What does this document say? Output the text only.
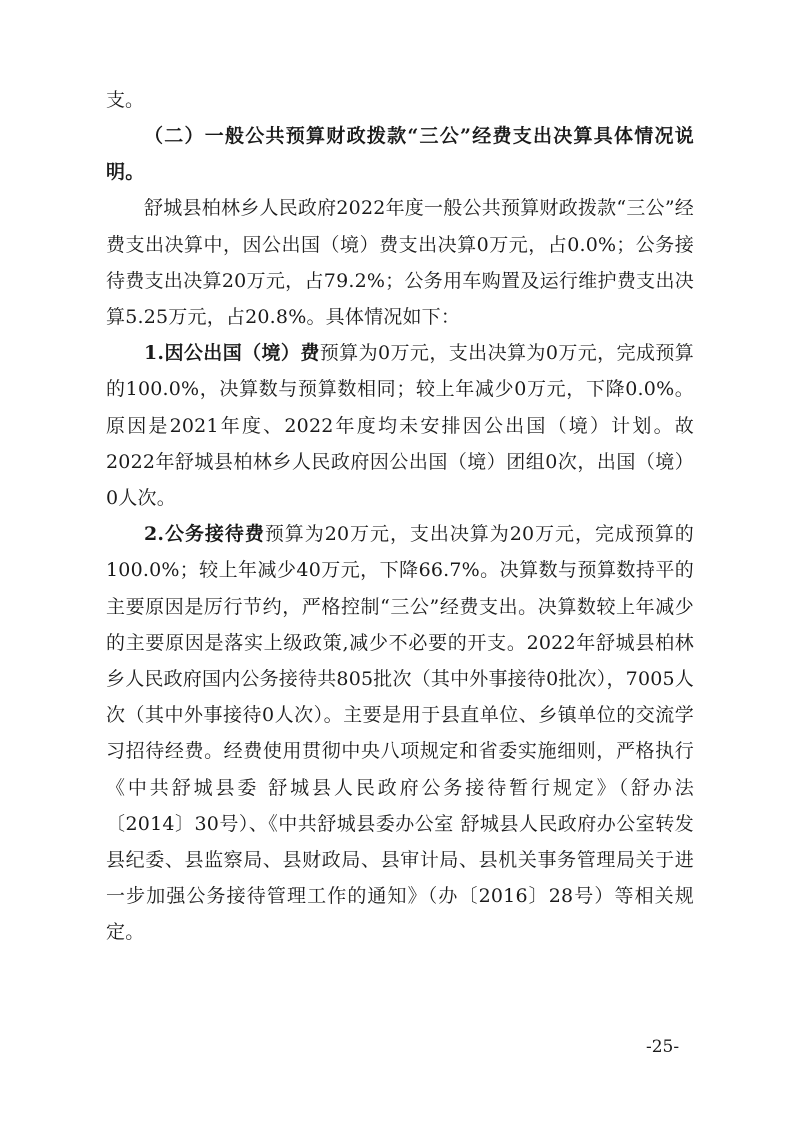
支。

（二）一般公共预算财政拨款“三公”经费支出决算具体情况说明。

舒城县柏林乡人民政府2022年度一般公共预算财政拨款“三公”经费支出决算中，因公出国（境）费支出决算0万元，占0.0%；公务接待费支出决算20万元，占79.2%；公务用车购置及运行维护费支出决算5.25万元，占20.8%。具体情况如下：

1.因公出国（境）费预算为0万元，支出决算为0万元，完成预算的100.0%，决算数与预算数相同；较上年减少0万元，下降0.0%。原因是2021年度、2022年度均未安排因公出国（境）计划。故2022年舒城县柏林乡人民政府因公出国（境）团组0次，出国（境）0人次。

2.公务接待费预算为20万元，支出决算为20万元，完成预算的100.0%；较上年减少40万元，下降66.7%。决算数与预算数持平的主要原因是厉行节约，严格控制“三公”经费支出。决算数较上年减少的主要原因是落实上级政策,减少不必要的开支。2022年舒城县柏林乡人民政府国内公务接待共805批次（其中外事接待0批次），7005人次（其中外事接待0人次）。主要是用于县直单位、乡镇单位的交流学习招待经费。经费使用贯彻中央八项规定和省委实施细则，严格执行《中共舒城县委 舒城县人民政府公务接待暂行规定》（舒办法〔2014〕30号）、《中共舒城县委办公室 舒城县人民政府办公室转发县纪委、县监察局、县财政局、县审计局、县机关事务管理局关于进一步加强公务接待管理工作的通知》（办〔2016〕28号）等相关规定。

-25-
